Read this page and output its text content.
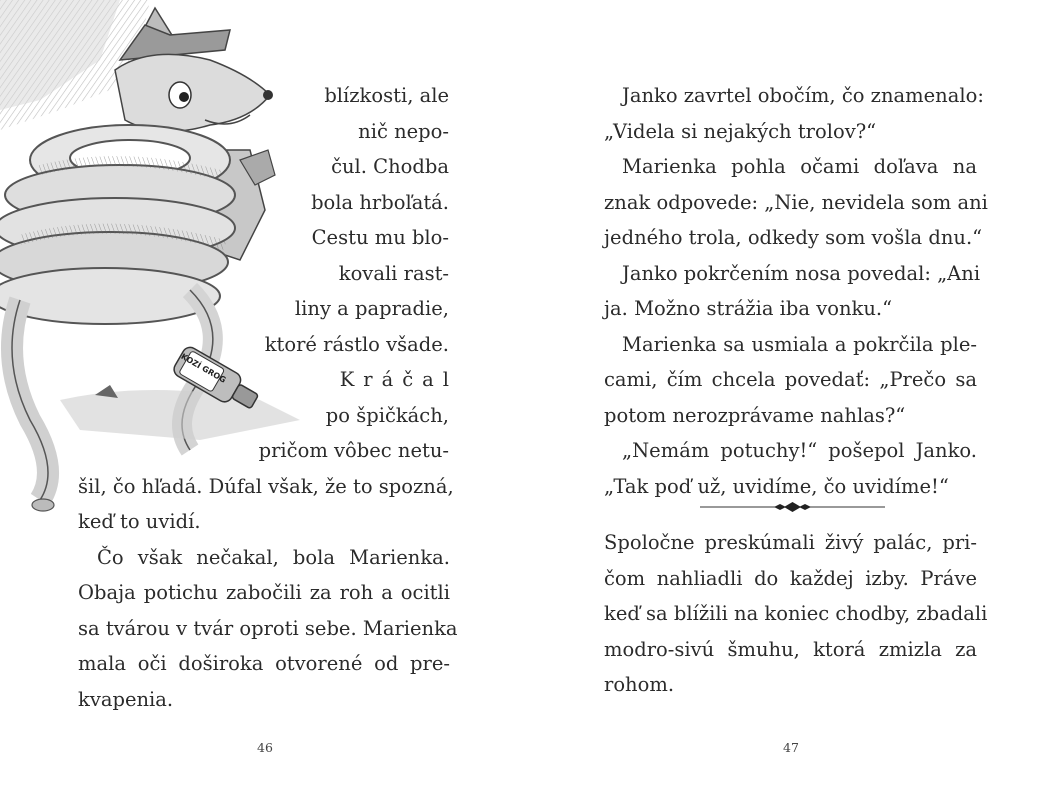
KOZÍ GROG

blízkosti, ale

nič nepo-

čul. Chodba

bola hrboľatá.

Cestu mu blo-

kovali rast-

liny a papradie,

ktoré rástlo všade.

Kráčal

po špičkách,

pričom vôbec netu-

šil, čo hľadá. Dúfal však, že to spozná,

keď to uvidí.

Čo však nečakal, bola Marienka.

Obaja potichu zabočili za roh a ocitli

sa tvárou v tvár oproti sebe. Marienka

mala oči doširoka otvorené od pre-

kvapenia.

46

Janko zavrtel obočím, čo znamenalo:

„Videla si nejakých trolov?“

Marienka pohla očami doľava na

znak odpovede: „Nie, nevidela som ani

jedného trola, odkedy som vošla dnu.“

Janko pokrčením nosa povedal: „Ani

ja. Možno strážia iba vonku.“

Marienka sa usmiala a pokrčila ple-

cami, čím chcela povedať: „Prečo sa

potom nerozprávame nahlas?“

„Nemám potuchy!“ pošepol Janko.

„Tak poď už, uvidíme, čo uvidíme!“

47

Spoločne preskúmali živý palác, pri-

čom nahliadli do každej izby. Práve

keď sa blížili na koniec chodby, zbadali

modro-sivú šmuhu, ktorá zmizla za

rohom.
